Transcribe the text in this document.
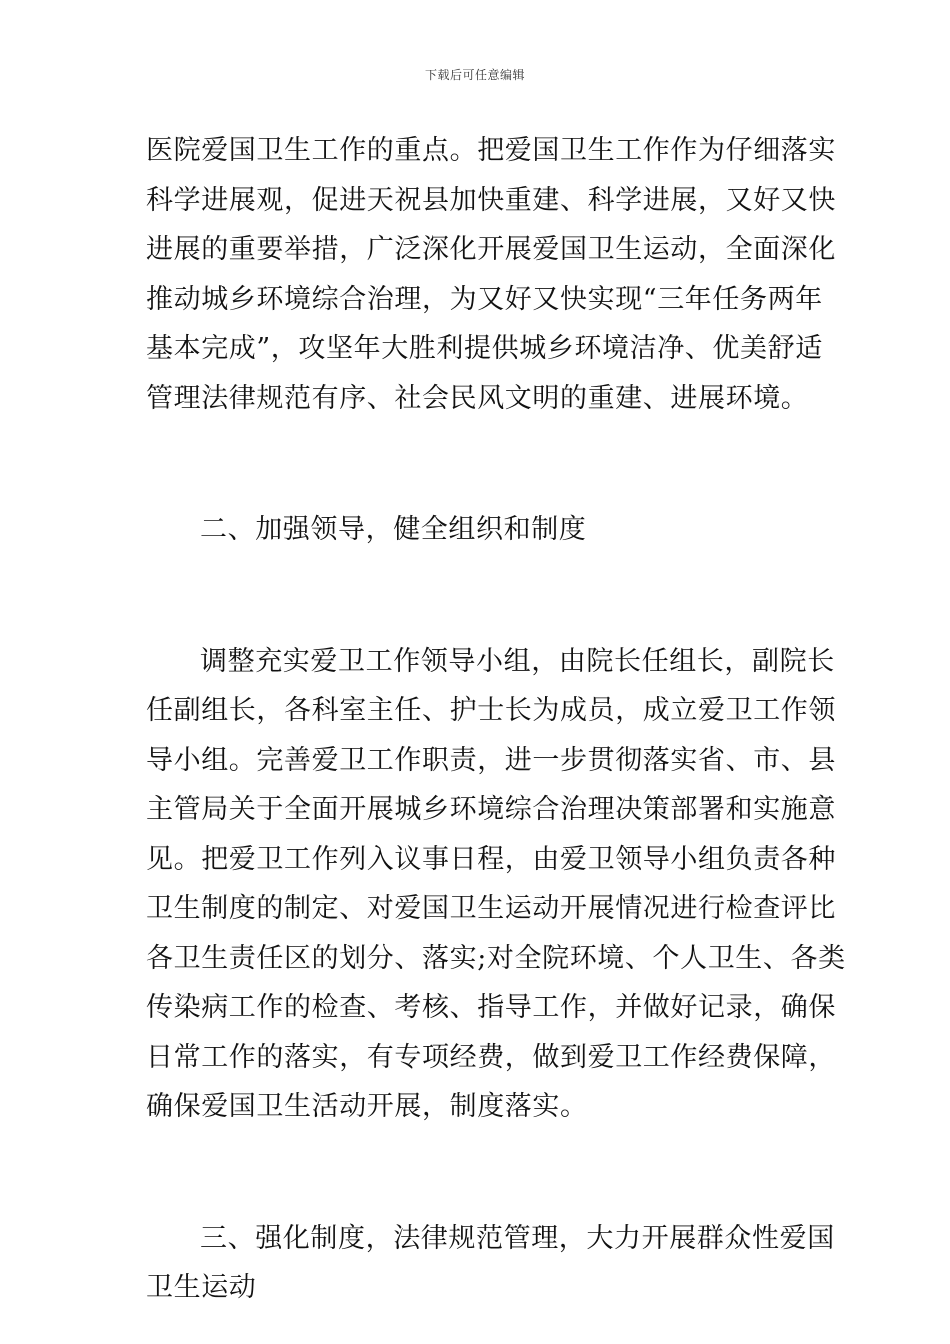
下载后可任意编辑
医院爱国卫生工作的重点。把爱国卫生工作作为仔细落实
科学进展观，促进天祝县加快重建、科学进展，又好又快
进展的重要举措，广泛深化开展爱国卫生运动，全面深化
推动城乡环境综合治理，为又好又快实现“三年任务两年
基本完成”，攻坚年大胜利提供城乡环境洁净、优美舒适
管理法律规范有序、社会民风文明的重建、进展环境。
二、加强领导，健全组织和制度
调整充实爱卫工作领导小组，由院长任组长，副院长
任副组长，各科室主任、护士长为成员，成立爱卫工作领
导小组。完善爱卫工作职责，进一步贯彻落实省、市、县
主管局关于全面开展城乡环境综合治理决策部署和实施意
见。把爱卫工作列入议事日程，由爱卫领导小组负责各种
卫生制度的制定、对爱国卫生运动开展情况进行检查评比
各卫生责任区的划分、落实;对全院环境、个人卫生、各类
传染病工作的检查、考核、指导工作，并做好记录，确保
日常工作的落实，有专项经费，做到爱卫工作经费保障，
确保爱国卫生活动开展，制度落实。
三、强化制度，法律规范管理，大力开展群众性爱国
卫生运动
